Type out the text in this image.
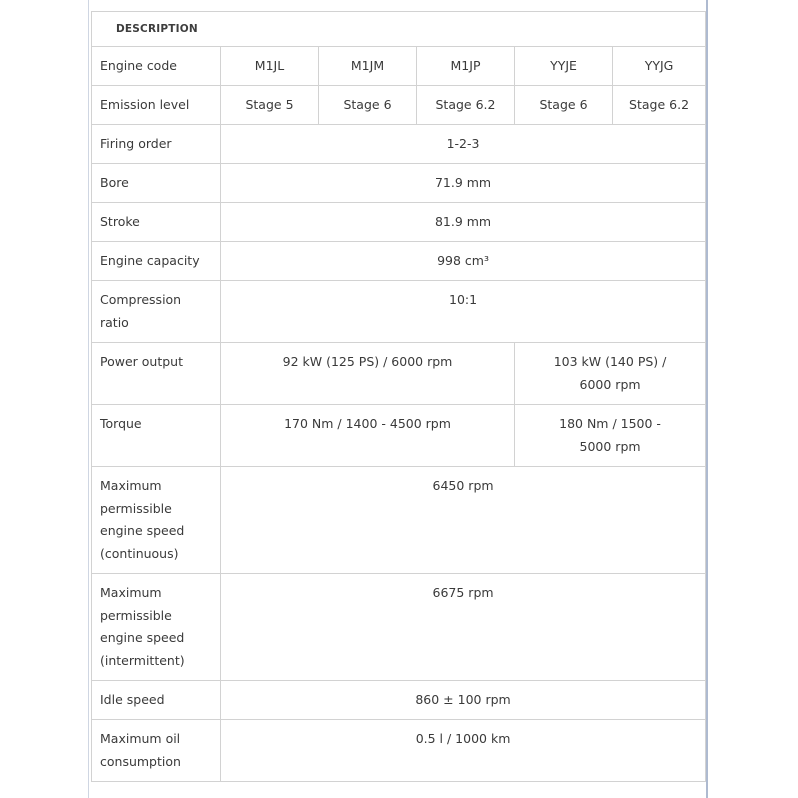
DESCRIPTION					
Engine code	M1JL	M1JM	M1JP	YYJE	YYJG
Emission level	Stage 5	Stage 6	Stage 6.2	Stage 6	Stage 6.2
Firing order	1-2-3				
Bore	71.9 mm				
Stroke	81.9 mm				
Engine capacity	998 cm³				
Compression ratio	10:1				
Power output	92 kW (125 PS) / 6000 rpm			103 kW (140 PS) / 6000 rpm	
Torque	170 Nm / 1400 - 4500 rpm			180 Nm / 1500 - 5000 rpm	
Maximum permissible engine speed (continuous)	6450 rpm				
Maximum permissible engine speed (intermittent)	6675 rpm				
Idle speed	860 ± 100 rpm				
Maximum oil consumption	0.5 l / 1000 km				
